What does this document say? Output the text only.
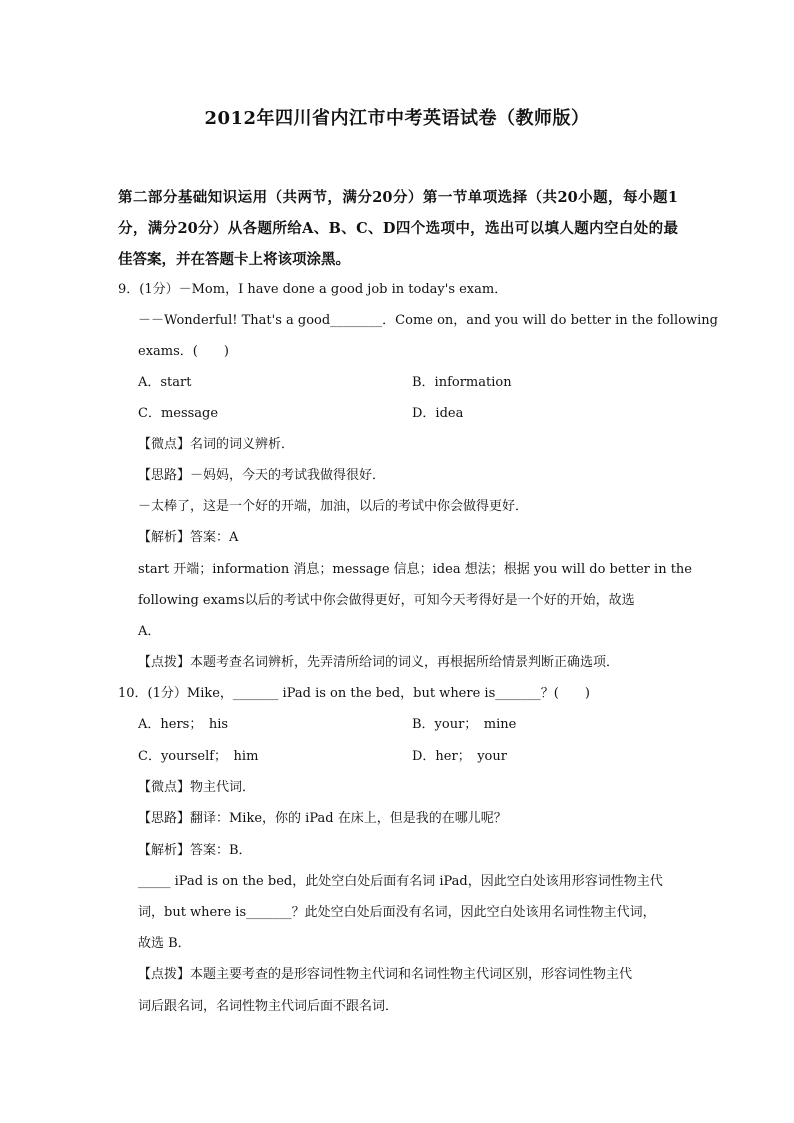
2012年四川省内江市中考英语试卷（教师版）
第二部分基础知识运用（共两节，满分20分）第一节单项选择（共20小题，每小题1分，满分20分）从各题所给A、B、C、D四个选项中，选出可以填人题内空白处的最佳答案，并在答题卡上将该项涂黑。
9．(1分）－Mom，I have done a good job in today's exam．
－－Wonderful! That's a good________．Come on，and you will do better in the following
exams．(　　)
A．start	B．information
C．message	D．idea
【微点】名词的词义辨析．
【思路】－妈妈，今天的考试我做得很好．
－太棒了，这是一个好的开端，加油，以后的考试中你会做得更好．
【解析】答案：A
start 开端；information 消息；message 信息；idea 想法；根据 you will do better in the
following exams以后的考试中你会做得更好，可知今天考得好是一个好的开始，故选
A．
【点拨】本题考查名词辨析，先弄清所给词的词义，再根据所给情景判断正确选项．
10．(1分）Mike，_______ iPad is on the bed，but where is_______？(　　)
A．hers；　his	B．your；　mine
C．yourself；　him	D．her；　your
【微点】物主代词．
【思路】翻译：Mike，你的 iPad 在床上，但是我的在哪儿呢？
【解析】答案：B．
_____ iPad is on the bed，此处空白处后面有名词 iPad，因此空白处该用形容词性物主代
词，but where is_______？此处空白处后面没有名词，因此空白处该用名词性物主代词，
故选 B．
【点拨】本题主要考查的是形容词性物主代词和名词性物主代词区别，形容词性物主代
词后跟名词，名词性物主代词后面不跟名词．
